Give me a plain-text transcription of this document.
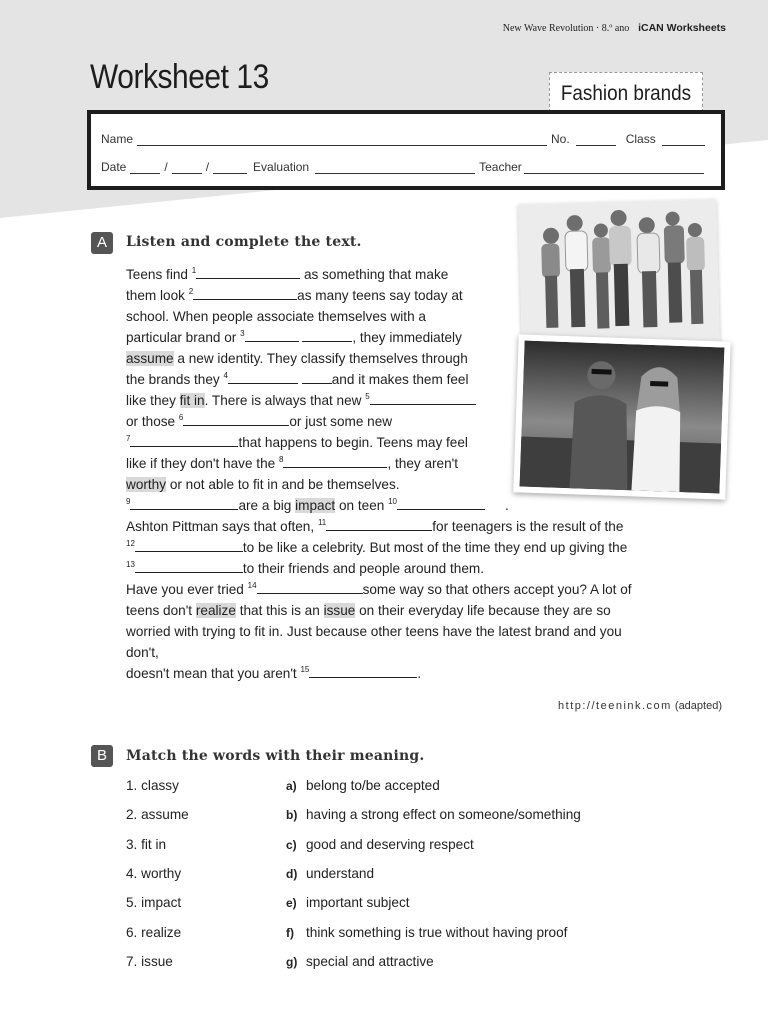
New Wave Revolution · 8.º ano iCAN Worksheets
Worksheet 13	Fashion brands
Name	No.	Class
Date	/	/	Evaluation	Teacher
A	Listen and complete the text.
Teens find $^1$	as something that make
them look $^2$	as many teens say today at
school. When people associate themselves with a
particular brand or $^3$	, they immediately
assume a new identity. They classify themselves through
the brands they $^4$	and it makes them feel
like they fit in. There is always that new $^5$
or those $^6$	or just some new
$^7$	that happens to begin. Teens may feel
like if they don't have the $^8$	, they aren't
worthy or not able to fit in and be themselves.
$^9$	are a big impact on teen $^{10}$	.
Ashton Pittman says that often, $^{11}$	for teenagers is the result of the
$^{12}$	to be like a celebrity. But most of the time they end up giving the
$^{13}$	to their friends and people around them.
Have you ever tried $^{14}$	some way so that others accept you? A lot of
teens don't realize that this is an issue on their everyday life because they are so
worried with trying to fit in. Just because other teens have the latest brand and you
don't,
doesn't mean that you aren't $^{15}$	.
http://teenink.com (adapted)
B	Match the words with their meaning.
1. classy	a) belong to/be accepted
2. assume	b) having a strong effect on someone/something
3. fit in	c) good and deserving respect
4. worthy	d) understand
5. impact	e) important subject
6. realize	f) think something is true without having proof
7. issue	g) special and attractive
